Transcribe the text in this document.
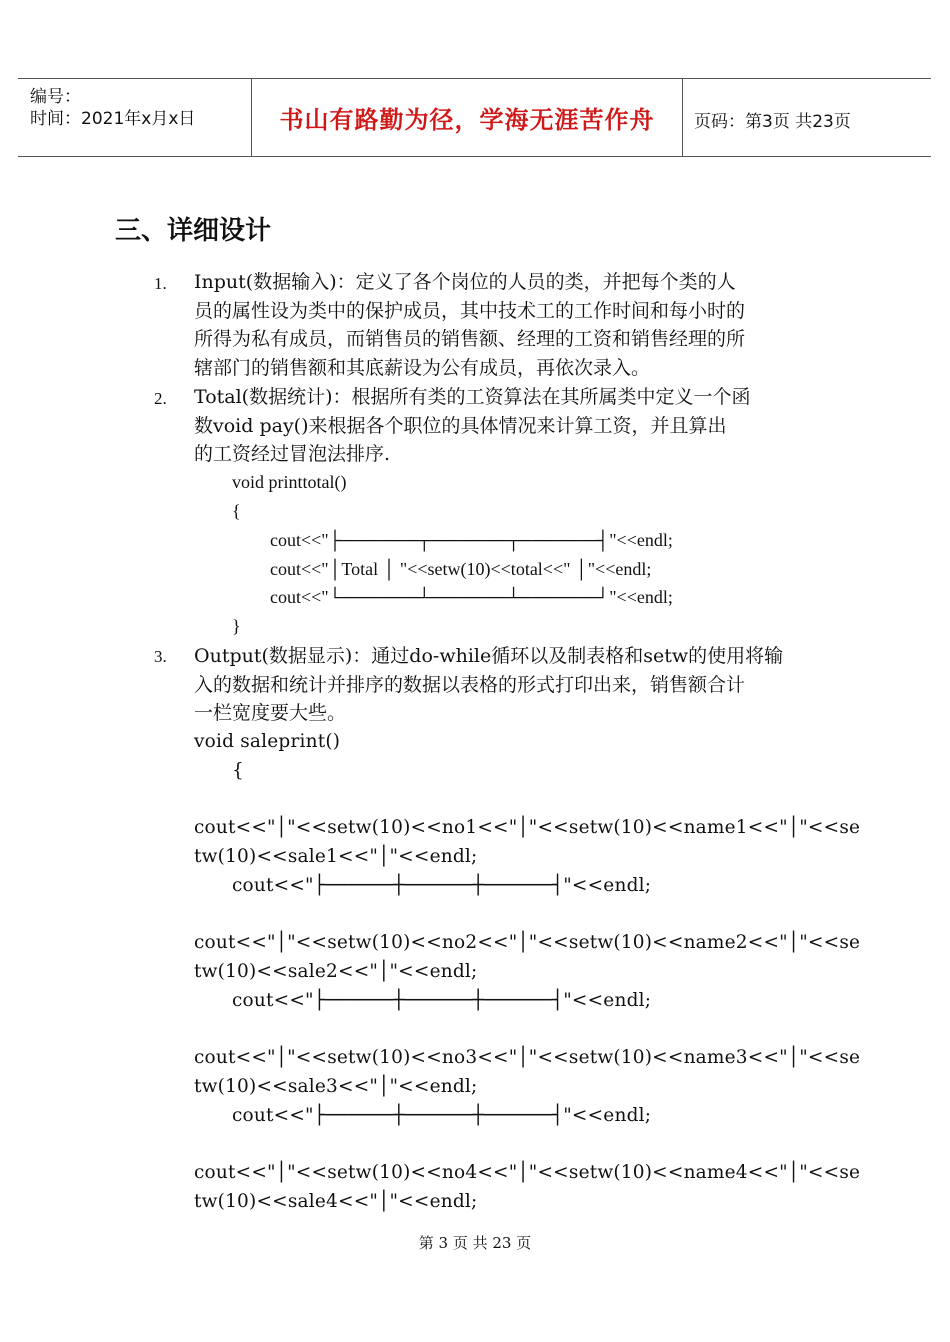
编号：
时间：2021年x月x日	书山有路勤为径，学海无涯苦作舟	页码：第3页 共23页
三、详细设计
1. Input(数据输入)：定义了各个岗位的人员的类，并把每个类的人
员的属性设为类中的保护成员，其中技术工的工作时间和每小时的
所得为私有成员，而销售员的销售额、经理的工资和销售经理的所
辖部门的销售额和其底薪设为公有成员，再依次录入。
2. Total(数据统计)：根据所有类的工资算法在其所属类中定义一个函
数void pay()来根据各个职位的具体情况来计算工资，并且算出
的工资经过冒泡法排序.
void printtotal()
{
cout<<"├──────┬──────┬──────┤"<<endl;
cout<<"│Total │ "<<setw(10)<<total<<" │"<<endl;
cout<<"└──────┴──────┴──────┘"<<endl;
}
3. Output(数据显示)：通过do-while循环以及制表格和setw的使用将输
入的数据和统计并排序的数据以表格的形式打印出来，销售额合计
一栏宽度要大些。
void saleprint()
{
cout<<"│"<<setw(10)<<no1<<"│"<<setw(10)<<name1<<"│"<<se
tw(10)<<sale1<<"│"<<endl;
cout<<"├──────┼──────┼──────┤"<<endl;
cout<<"│"<<setw(10)<<no2<<"│"<<setw(10)<<name2<<"│"<<se
tw(10)<<sale2<<"│"<<endl;
cout<<"├──────┼──────┼──────┤"<<endl;
cout<<"│"<<setw(10)<<no3<<"│"<<setw(10)<<name3<<"│"<<se
tw(10)<<sale3<<"│"<<endl;
cout<<"├──────┼──────┼──────┤"<<endl;
cout<<"│"<<setw(10)<<no4<<"│"<<setw(10)<<name4<<"│"<<se
tw(10)<<sale4<<"│"<<endl;
第 3 页 共 23 页
